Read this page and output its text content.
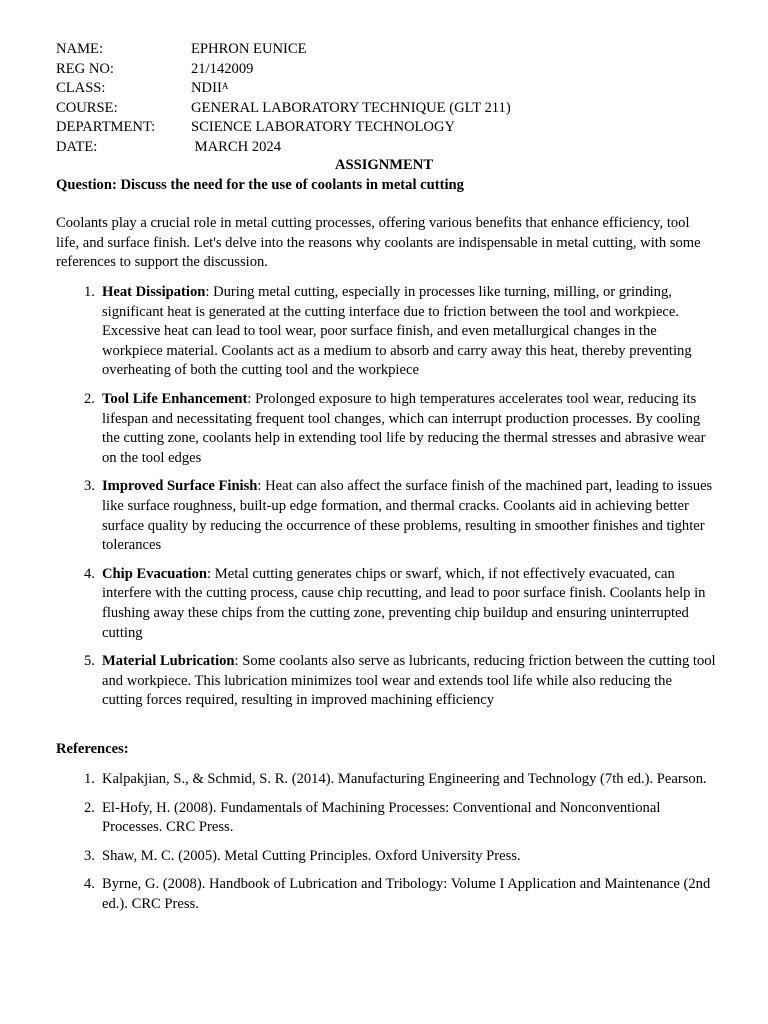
NAME:	EPHRON EUNICE
REG NO:	21/142009
CLASS:	$NDII^A$
COURSE:	GENERAL LABORATORY TECHNIQUE (GLT 211)
DEPARTMENT:	SCIENCE LABORATORY TECHNOLOGY
DATE:	MARCH 2024
ASSIGNMENT
Question: Discuss the need for the use of coolants in metal cutting
Coolants play a crucial role in metal cutting processes, offering various benefits that enhance efficiency, tool life, and surface finish. Let's delve into the reasons why coolants are indispensable in metal cutting, with some references to support the discussion.
1. Heat Dissipation: During metal cutting, especially in processes like turning, milling, or grinding, significant heat is generated at the cutting interface due to friction between the tool and workpiece. Excessive heat can lead to tool wear, poor surface finish, and even metallurgical changes in the workpiece material. Coolants act as a medium to absorb and carry away this heat, thereby preventing overheating of both the cutting tool and the workpiece
2. Tool Life Enhancement: Prolonged exposure to high temperatures accelerates tool wear, reducing its lifespan and necessitating frequent tool changes, which can interrupt production processes. By cooling the cutting zone, coolants help in extending tool life by reducing the thermal stresses and abrasive wear on the tool edges
3. Improved Surface Finish: Heat can also affect the surface finish of the machined part, leading to issues like surface roughness, built-up edge formation, and thermal cracks. Coolants aid in achieving better surface quality by reducing the occurrence of these problems, resulting in smoother finishes and tighter tolerances
4. Chip Evacuation: Metal cutting generates chips or swarf, which, if not effectively evacuated, can interfere with the cutting process, cause chip recutting, and lead to poor surface finish. Coolants help in flushing away these chips from the cutting zone, preventing chip buildup and ensuring uninterrupted cutting
5. Material Lubrication: Some coolants also serve as lubricants, reducing friction between the cutting tool and workpiece. This lubrication minimizes tool wear and extends tool life while also reducing the cutting forces required, resulting in improved machining efficiency
References:
1. Kalpakjian, S., & Schmid, S. R. (2014). Manufacturing Engineering and Technology (7th ed.). Pearson.
2. El-Hofy, H. (2008). Fundamentals of Machining Processes: Conventional and Nonconventional Processes. CRC Press.
3. Shaw, M. C. (2005). Metal Cutting Principles. Oxford University Press.
4. Byrne, G. (2008). Handbook of Lubrication and Tribology: Volume I Application and Maintenance (2nd ed.). CRC Press.
